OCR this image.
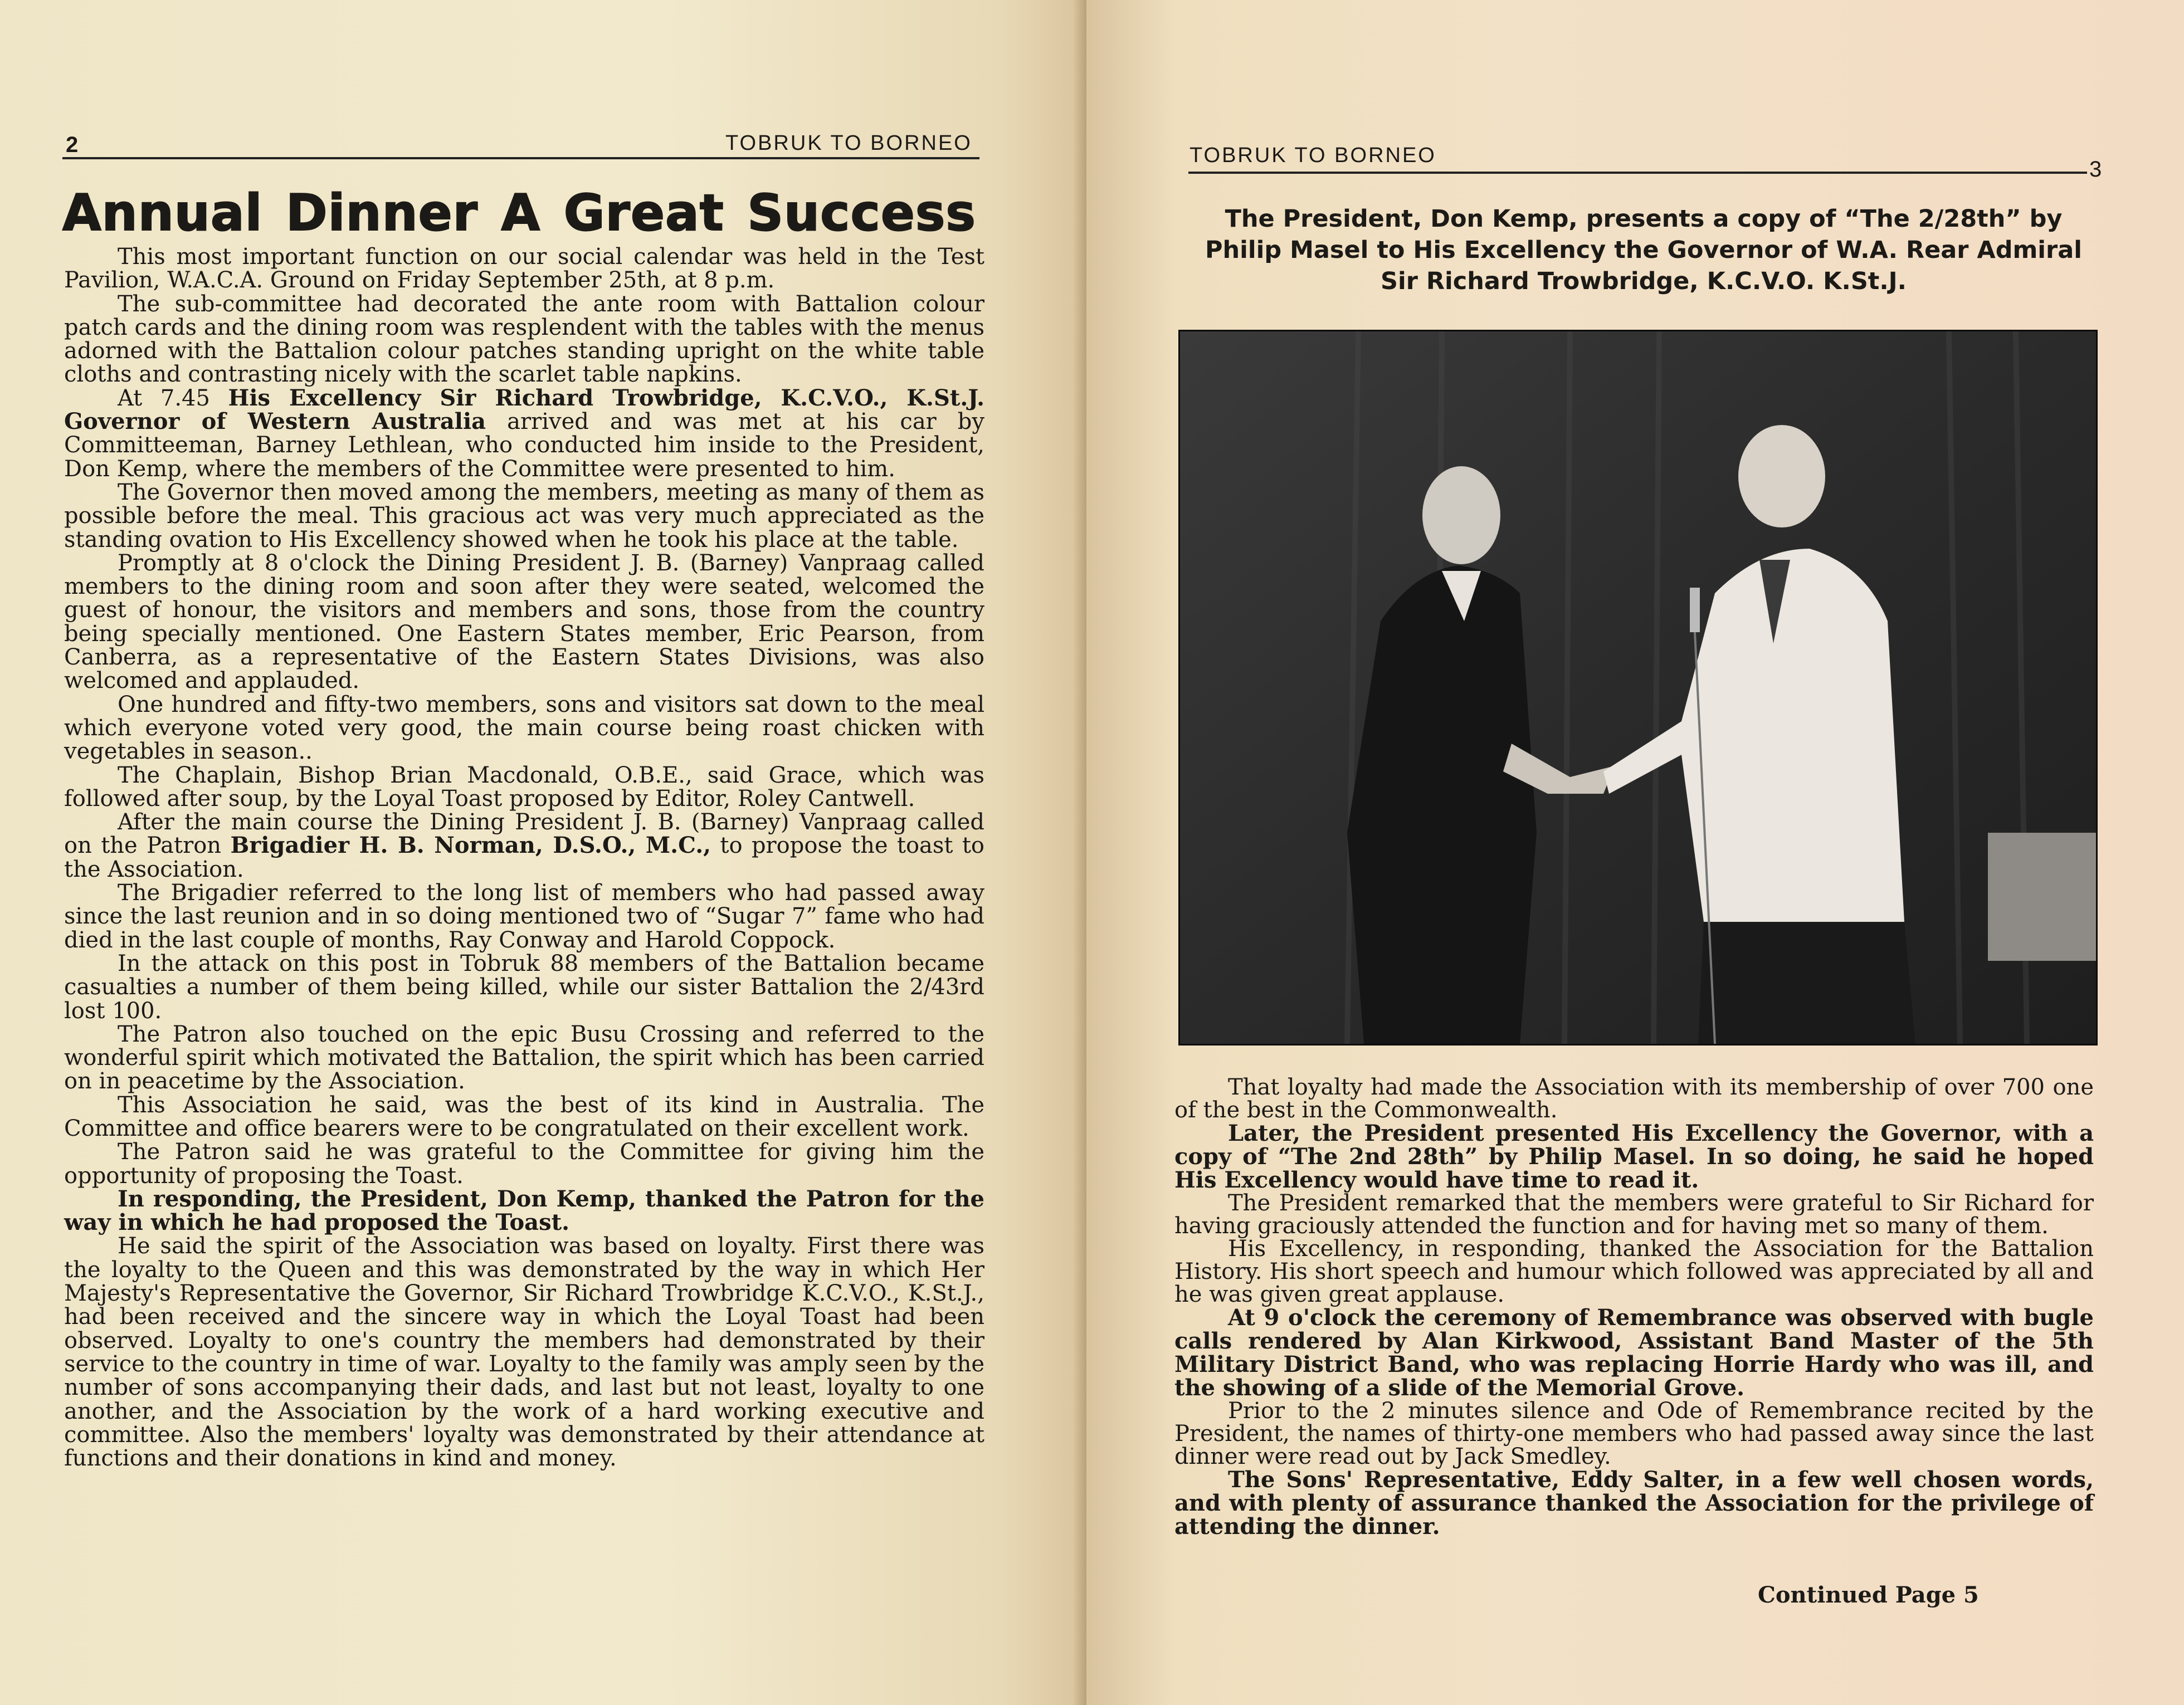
2	TOBRUK TO BORNEO
Annual Dinner A Great Success

This most important function on our social calendar was held in the Test Pavilion, W.A.C.A. Ground on Friday September 25th, at 8 p.m.

The sub-committee had decorated the ante room with Battalion colour patch cards and the dining room was resplendent with the tables with the menus adorned with the Battalion colour patches standing upright on the white table cloths and contrasting nicely with the scarlet table napkins.

At 7.45 His Excellency Sir Richard Trowbridge, K.C.V.O., K.St.J. Governor of Western Australia arrived and was met at his car by Committeeman, Barney Lethlean, who conducted him inside to the President, Don Kemp, where the members of the Committee were presented to him.

The Governor then moved among the members, meeting as many of them as possible before the meal. This gracious act was very much appreciated as the standing ovation to His Excellency showed when he took his place at the table.

Promptly at 8 o'clock the Dining President J. B. (Barney) Vanpraag called members to the dining room and soon after they were seated, welcomed the guest of honour, the visitors and members and sons, those from the country being specially mentioned. One Eastern States member, Eric Pearson, from Canberra, as a representative of the Eastern States Divisions, was also welcomed and applauded.

One hundred and fifty-two members, sons and visitors sat down to the meal which everyone voted very good, the main course being roast chicken with vegetables in season..

The Chaplain, Bishop Brian Macdonald, O.B.E., said Grace, which was followed after soup, by the Loyal Toast proposed by Editor, Roley Cantwell.

After the main course the Dining President J. B. (Barney) Vanpraag called on the Patron Brigadier H. B. Norman, D.S.O., M.C., to propose the toast to the Association.

The Brigadier referred to the long list of members who had passed away since the last reunion and in so doing mentioned two of “Sugar 7” fame who had died in the last couple of months, Ray Conway and Harold Coppock.

In the attack on this post in Tobruk 88 members of the Battalion became casualties a number of them being killed, while our sister Battalion the 2/43rd lost 100.

The Patron also touched on the epic Busu Crossing and referred to the wonderful spirit which motivated the Battalion, the spirit which has been carried on in peacetime by the Association.

This Association he said, was the best of its kind in Australia. The Committee and office bearers were to be congratulated on their excellent work.

The Patron said he was grateful to the Committee for giving him the opportunity of proposing the Toast.

In responding, the President, Don Kemp, thanked the Patron for the way in which he had proposed the Toast.

He said the spirit of the Association was based on loyalty. First there was the loyalty to the Queen and this was demonstrated by the way in which Her Majesty's Representative the Governor, Sir Richard Trowbridge K.C.V.O., K.St.J., had been received and the sincere way in which the Loyal Toast had been observed. Loyalty to one's country the members had demonstrated by their service to the country in time of war. Loyalty to the family was amply seen by the number of sons accompanying their dads, and last but not least, loyalty to one another, and the Association by the work of a hard working executive and committee. Also the members' loyalty was demonstrated by their attendance at functions and their donations in kind and money.

TOBRUK TO BORNEO
3
The President, Don Kemp, presents a copy of “The 2/28th” by
Philip Masel to His Excellency the Governor of W.A. Rear Admiral
Sir Richard Trowbridge, K.C.V.O. K.St.J.

That loyalty had made the Association with its membership of over 700 one of the best in the Commonwealth.

Later, the President presented His Excellency the Governor, with a copy of “The 2nd 28th” by Philip Masel. In so doing, he said he hoped His Excellency would have time to read it.

The President remarked that the members were grateful to Sir Richard for having graciously attended the function and for having met so many of them.

His Excellency, in responding, thanked the Association for the Battalion History. His short speech and humour which followed was appreciated by all and he was given great applause.

At 9 o'clock the ceremony of Remembrance was observed with bugle calls rendered by Alan Kirkwood, Assistant Band Master of the 5th Military District Band, who was replacing Horrie Hardy who was ill, and the showing of a slide of the Memorial Grove.

Prior to the 2 minutes silence and Ode of Remembrance recited by the President, the names of thirty-one members who had passed away since the last dinner were read out by Jack Smedley.

The Sons' Representative, Eddy Salter, in a few well chosen words, and with plenty of assurance thanked the Association for the privilege of attending the dinner.

Continued Page 5
